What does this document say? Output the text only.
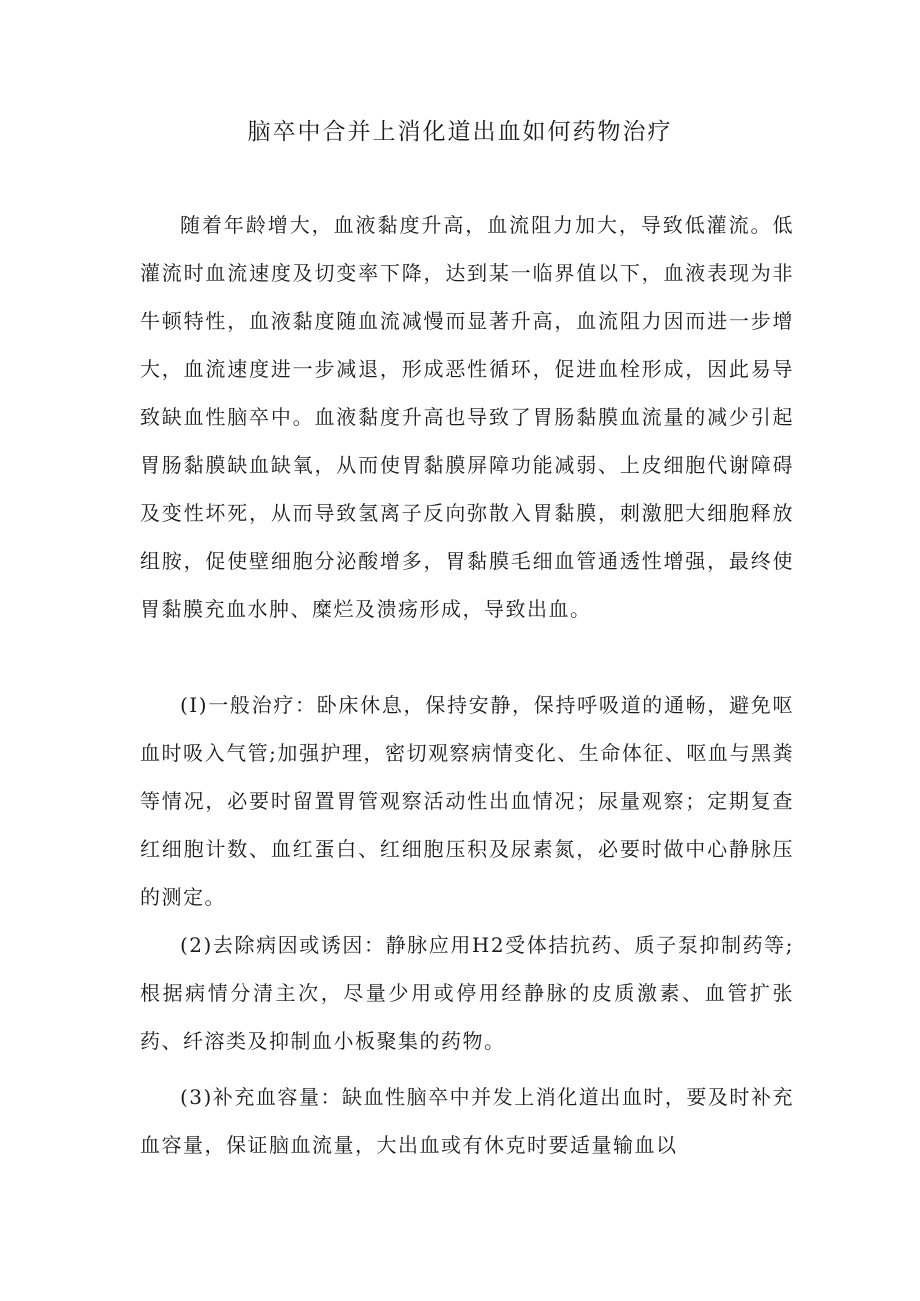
脑卒中合并上消化道出血如何药物治疗

随着年龄增大，血液黏度升高，血流阻力加大，导致低灌流。低灌流时血流速度及切变率下降，达到某一临界值以下，血液表现为非牛顿特性，血液黏度随血流减慢而显著升高，血流阻力因而进一步增大，血流速度进一步减退，形成恶性循环，促进血栓形成，因此易导致缺血性脑卒中。血液黏度升高也导致了胃肠黏膜血流量的减少引起胃肠黏膜缺血缺氧，从而使胃黏膜屏障功能减弱、上皮细胞代谢障碍及变性坏死，从而导致氢离子反向弥散入胃黏膜，刺激肥大细胞释放组胺，促使壁细胞分泌酸增多，胃黏膜毛细血管通透性增强，最终使胃黏膜充血水肿、糜烂及溃疡形成，导致出血。

(I)一般治疗：卧床休息，保持安静，保持呼吸道的通畅，避免呕血时吸入气管;加强护理，密切观察病情变化、生命体征、呕血与黑粪等情况，必要时留置胃管观察活动性出血情况；尿量观察；定期复查红细胞计数、血红蛋白、红细胞压积及尿素氮，必要时做中心静脉压的测定。

(2)去除病因或诱因：静脉应用H2受体拮抗药、质子泵抑制药等;根据病情分清主次，尽量少用或停用经静脉的皮质激素、血管扩张药、纤溶类及抑制血小板聚集的药物。

(3)补充血容量：缺血性脑卒中并发上消化道出血时，要及时补充血容量，保证脑血流量，大出血或有休克时要适量输血以
